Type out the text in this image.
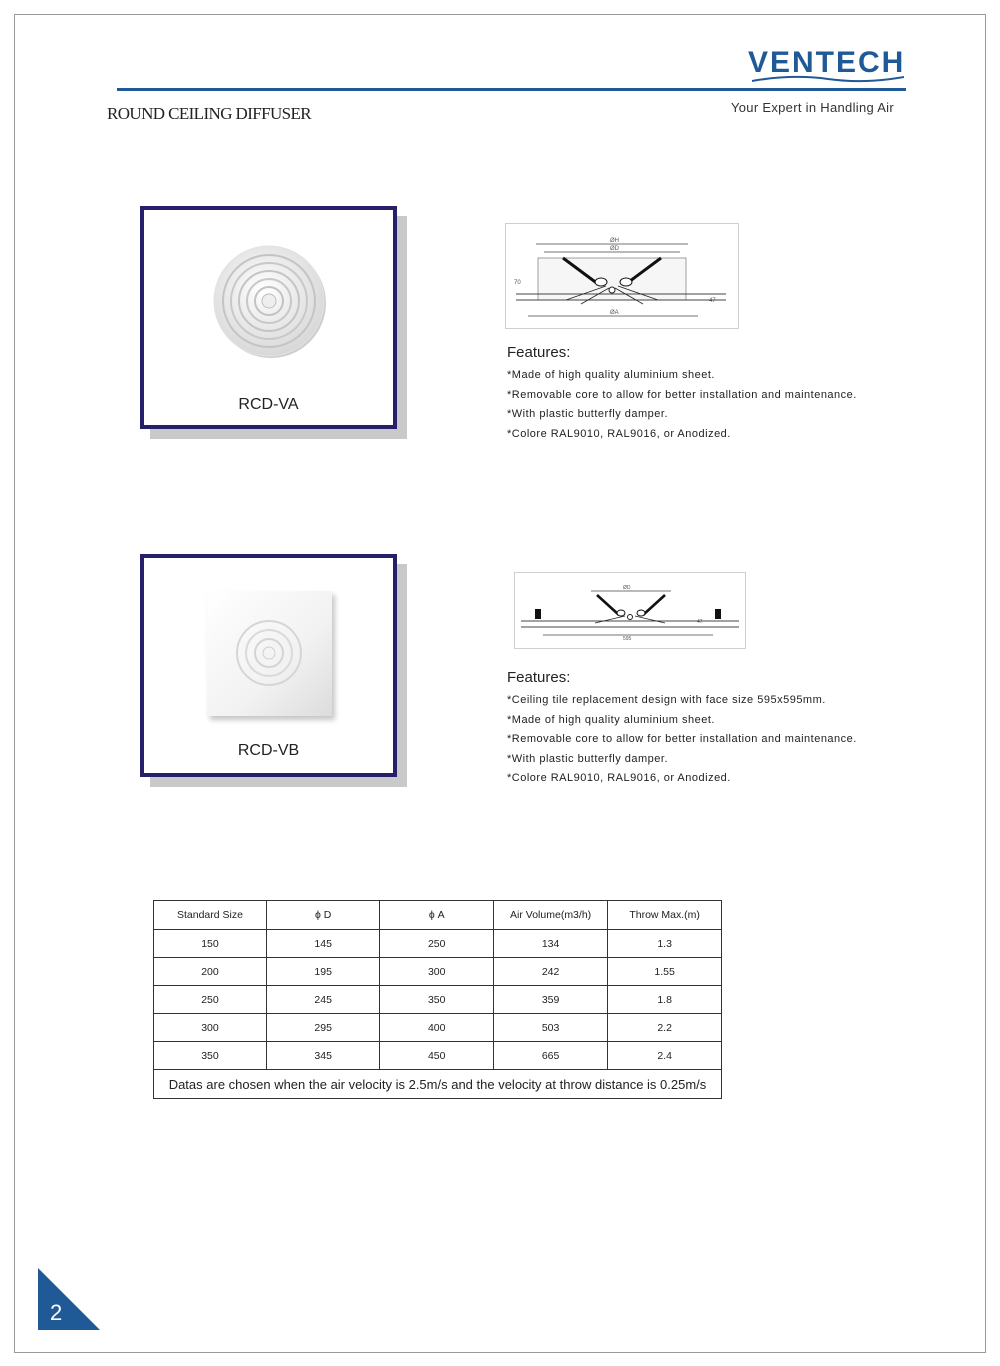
VENTECH
ROUND CEILING DIFFUSER	Your Expert in Handling Air
RCD-VA
ØH
ØD
ØA
70
47
Features:
*Made of high quality aluminium sheet.
*Removable core to allow for better installation and maintenance.
*With plastic butterfly damper.
*Colore RAL9010, RAL9016, or Anodized.
RCD-VB
ØD
595
47
Features:
*Ceiling tile replacement design with face size 595x595mm.
*Made of high quality aluminium sheet.
*Removable core to allow for better installation and maintenance.
*With plastic butterfly damper.
*Colore RAL9010, RAL9016, or Anodized.
Standard Size	ϕ D	ϕ A	Air Volume(m3/h)	Throw Max.(m)
150	145	250	134	1.3
200	195	300	242	1.55
250	245	350	359	1.8
300	295	400	503	2.2
350	345	450	665	2.4
Datas are chosen when the air velocity is 2.5m/s and the velocity at throw distance is 0.25m/s				
2
